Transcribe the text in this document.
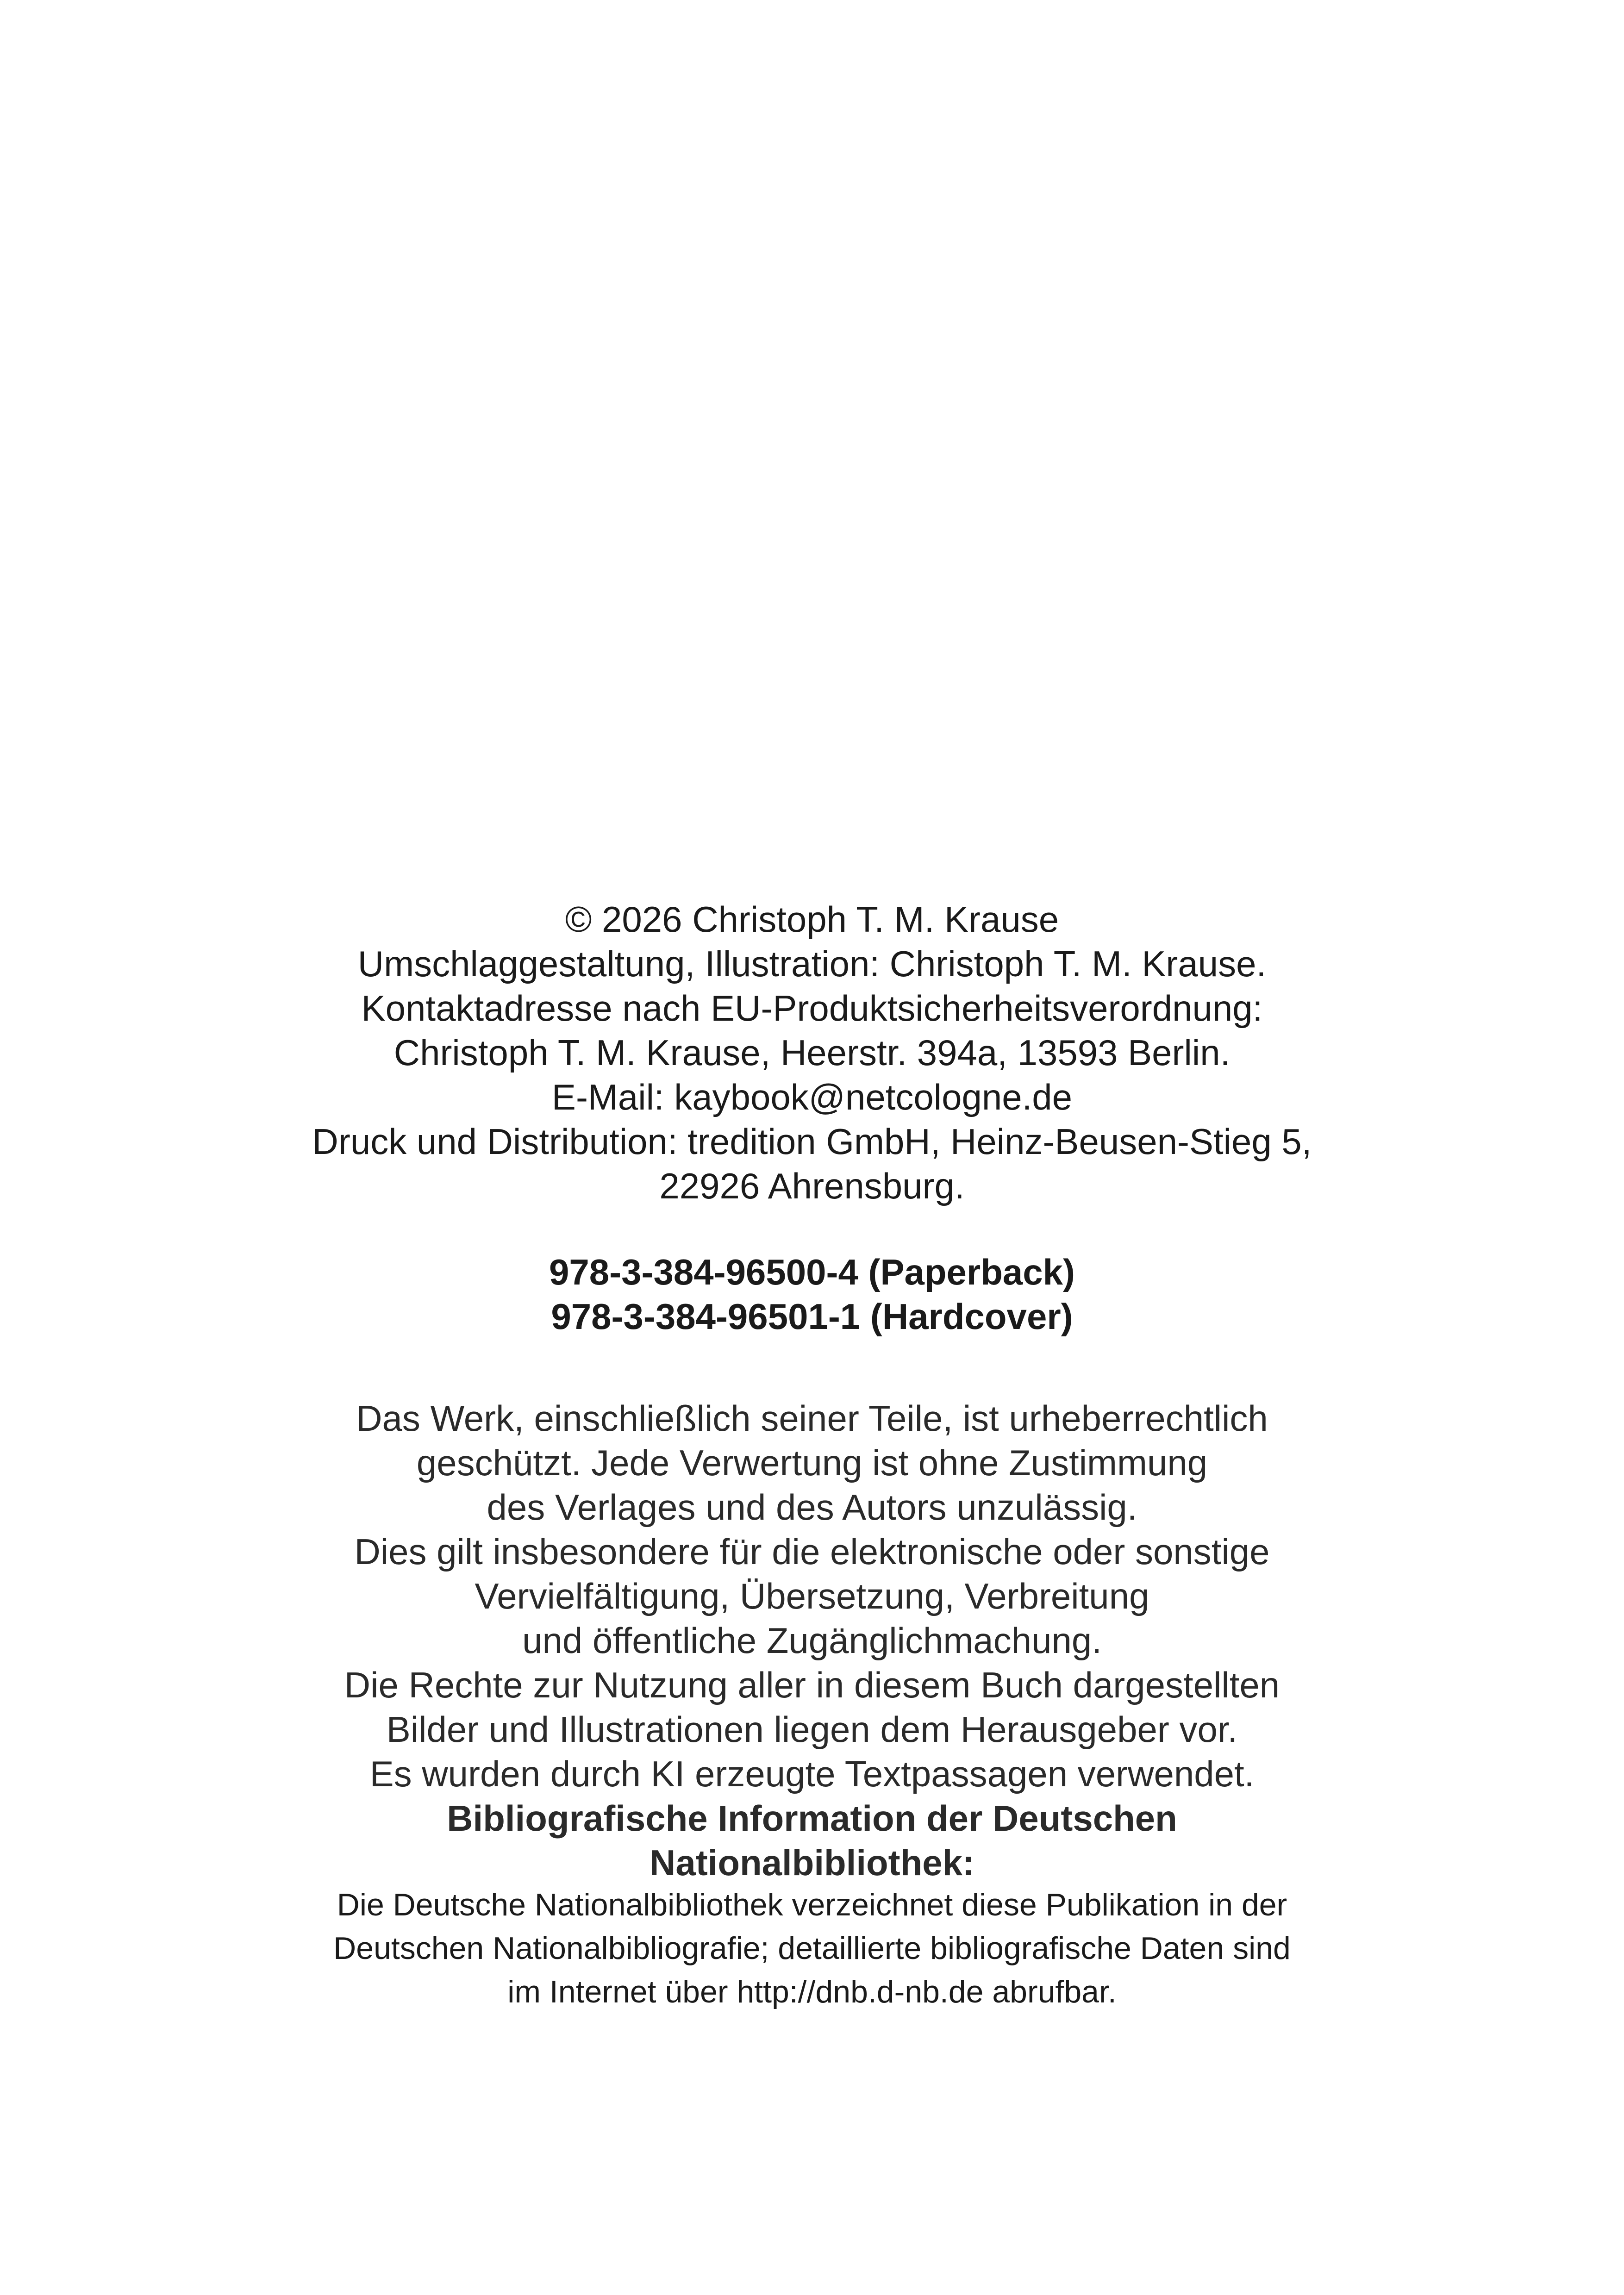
© 2026 Christoph T. M. Krause
Umschlaggestaltung, Illustration: Christoph T. M. Krause.
Kontaktadresse nach EU-Produktsicherheitsverordnung:
Christoph T. M. Krause, Heerstr. 394a, 13593 Berlin.
E-Mail: kaybook@netcologne.de
Druck und Distribution: tredition GmbH, Heinz-Beusen-Stieg 5,
22926 Ahrensburg.
978-3-384-96500-4 (Paperback)
978-3-384-96501-1 (Hardcover)
Das Werk, einschließlich seiner Teile, ist urheberrechtlich
geschützt. Jede Verwertung ist ohne Zustimmung
des Verlages und des Autors unzulässig.
Dies gilt insbesondere für die elektronische oder sonstige
Vervielfältigung, Übersetzung, Verbreitung
und öffentliche Zugänglichmachung.
Die Rechte zur Nutzung aller in diesem Buch dargestellten
Bilder und Illustrationen liegen dem Herausgeber vor.
Es wurden durch KI erzeugte Textpassagen verwendet.
Bibliografische Information der Deutschen
Nationalbibliothek:
Die Deutsche Nationalbibliothek verzeichnet diese Publikation in der
Deutschen Nationalbibliografie; detaillierte bibliografische Daten sind
im Internet über http://dnb.d-nb.de abrufbar.
